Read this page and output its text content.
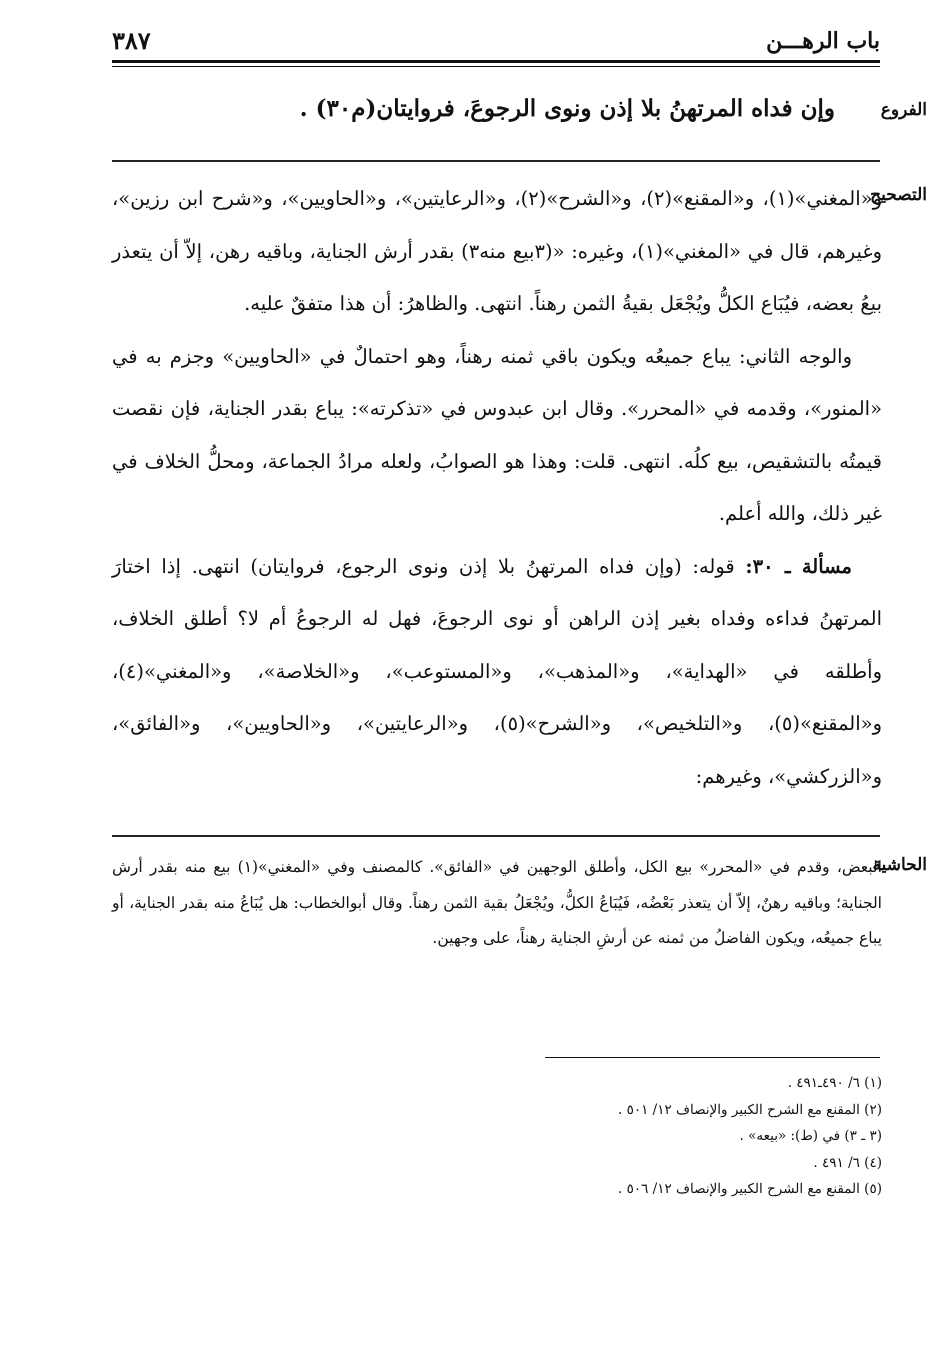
باب الرهـــن
٣٨٧
الفروع
وإن فداه المرتهنُ بلا إذن ونوى الرجوعَ، فروايتان(م٣٠) .
التصحيح

و«المغني»(١)، و«المقنع»(٢)، و«الشرح»(٢)، و«الرعايتين»، و«الحاويين»، و«شرح ابن رزين»، وغيرهم، قال في «المغني»(١)، وغيره: «(٣بيع منه٣) بقدر أرش الجناية، وباقيه رهن، إلاّ أن يتعذر بيعُ بعضه، فيُبَاع الكلُّ ويُجْعَل بقيةُ الثمن رهناً. انتهى. والظاهرُ: أن هذا متفقٌ عليه.

والوجه الثاني: يباع جميعُه ويكون باقي ثمنه رهناً، وهو احتمالٌ في «الحاويين» وجزم به في «المنور»، وقدمه في «المحرر». وقال ابن عبدوس في «تذكرته»: يباع بقدر الجناية، فإن نقصت قيمتُه بالتشقيص، بيع كلُه. انتهى. قلت: وهذا هو الصوابُ، ولعله مرادُ الجماعة، ومحلُّ الخلاف في غير ذلك، والله أعلم.

مسألة ـ ٣٠: قوله: (وإن فداه المرتهنُ بلا إذن ونوى الرجوع، فروايتان) انتهى. إذا اختارَ المرتهنُ فداءه وفداه بغير إذن الراهن أو نوى الرجوعَ، فهل له الرجوعُ أم لا؟ أطلق الخلاف، وأطلقه في «الهداية»، و«المذهب»، و«المستوعب»، و«الخلاصة»، و«المغني»(٤)، و«المقنع»(٥)، و«التلخيص»، و«الشرح»(٥)، و«الرعايتين»، و«الحاويين»، و«الفائق»، و«الزركشي»، وغيرهم:

الحاشية

البعض، وقدم في «المحرر» بيع الكل، وأطلق الوجهين في «الفائق». كالمصنف وفي «المغني»(١) بيع منه بقدر أرش الجناية؛ وباقيه رهنٌ، إلاّ أن يتعذر بَعْضُه، فَيُبَاعُ الكلُّ، ويُجْعَلُ بقية الثمن رهناً. وقال أبوالخطاب: هل يُبَاعُ منه بقدر الجناية، أو يباع جميعُه، ويكون الفاضلُ من ثمنه عن أرشِ الجناية رهناً، على وجهين.

(١) ٦/ ٤٩٠ـ٤٩١ .

(٢) المقنع مع الشرح الكبير والإنصاف ١٢/ ٥٠١ .

(٣ ـ ٣) في (ط): «بيعه» .

(٤) ٦/ ٤٩١ .

(٥) المقنع مع الشرح الكبير والإنصاف ١٢/ ٥٠٦ .
